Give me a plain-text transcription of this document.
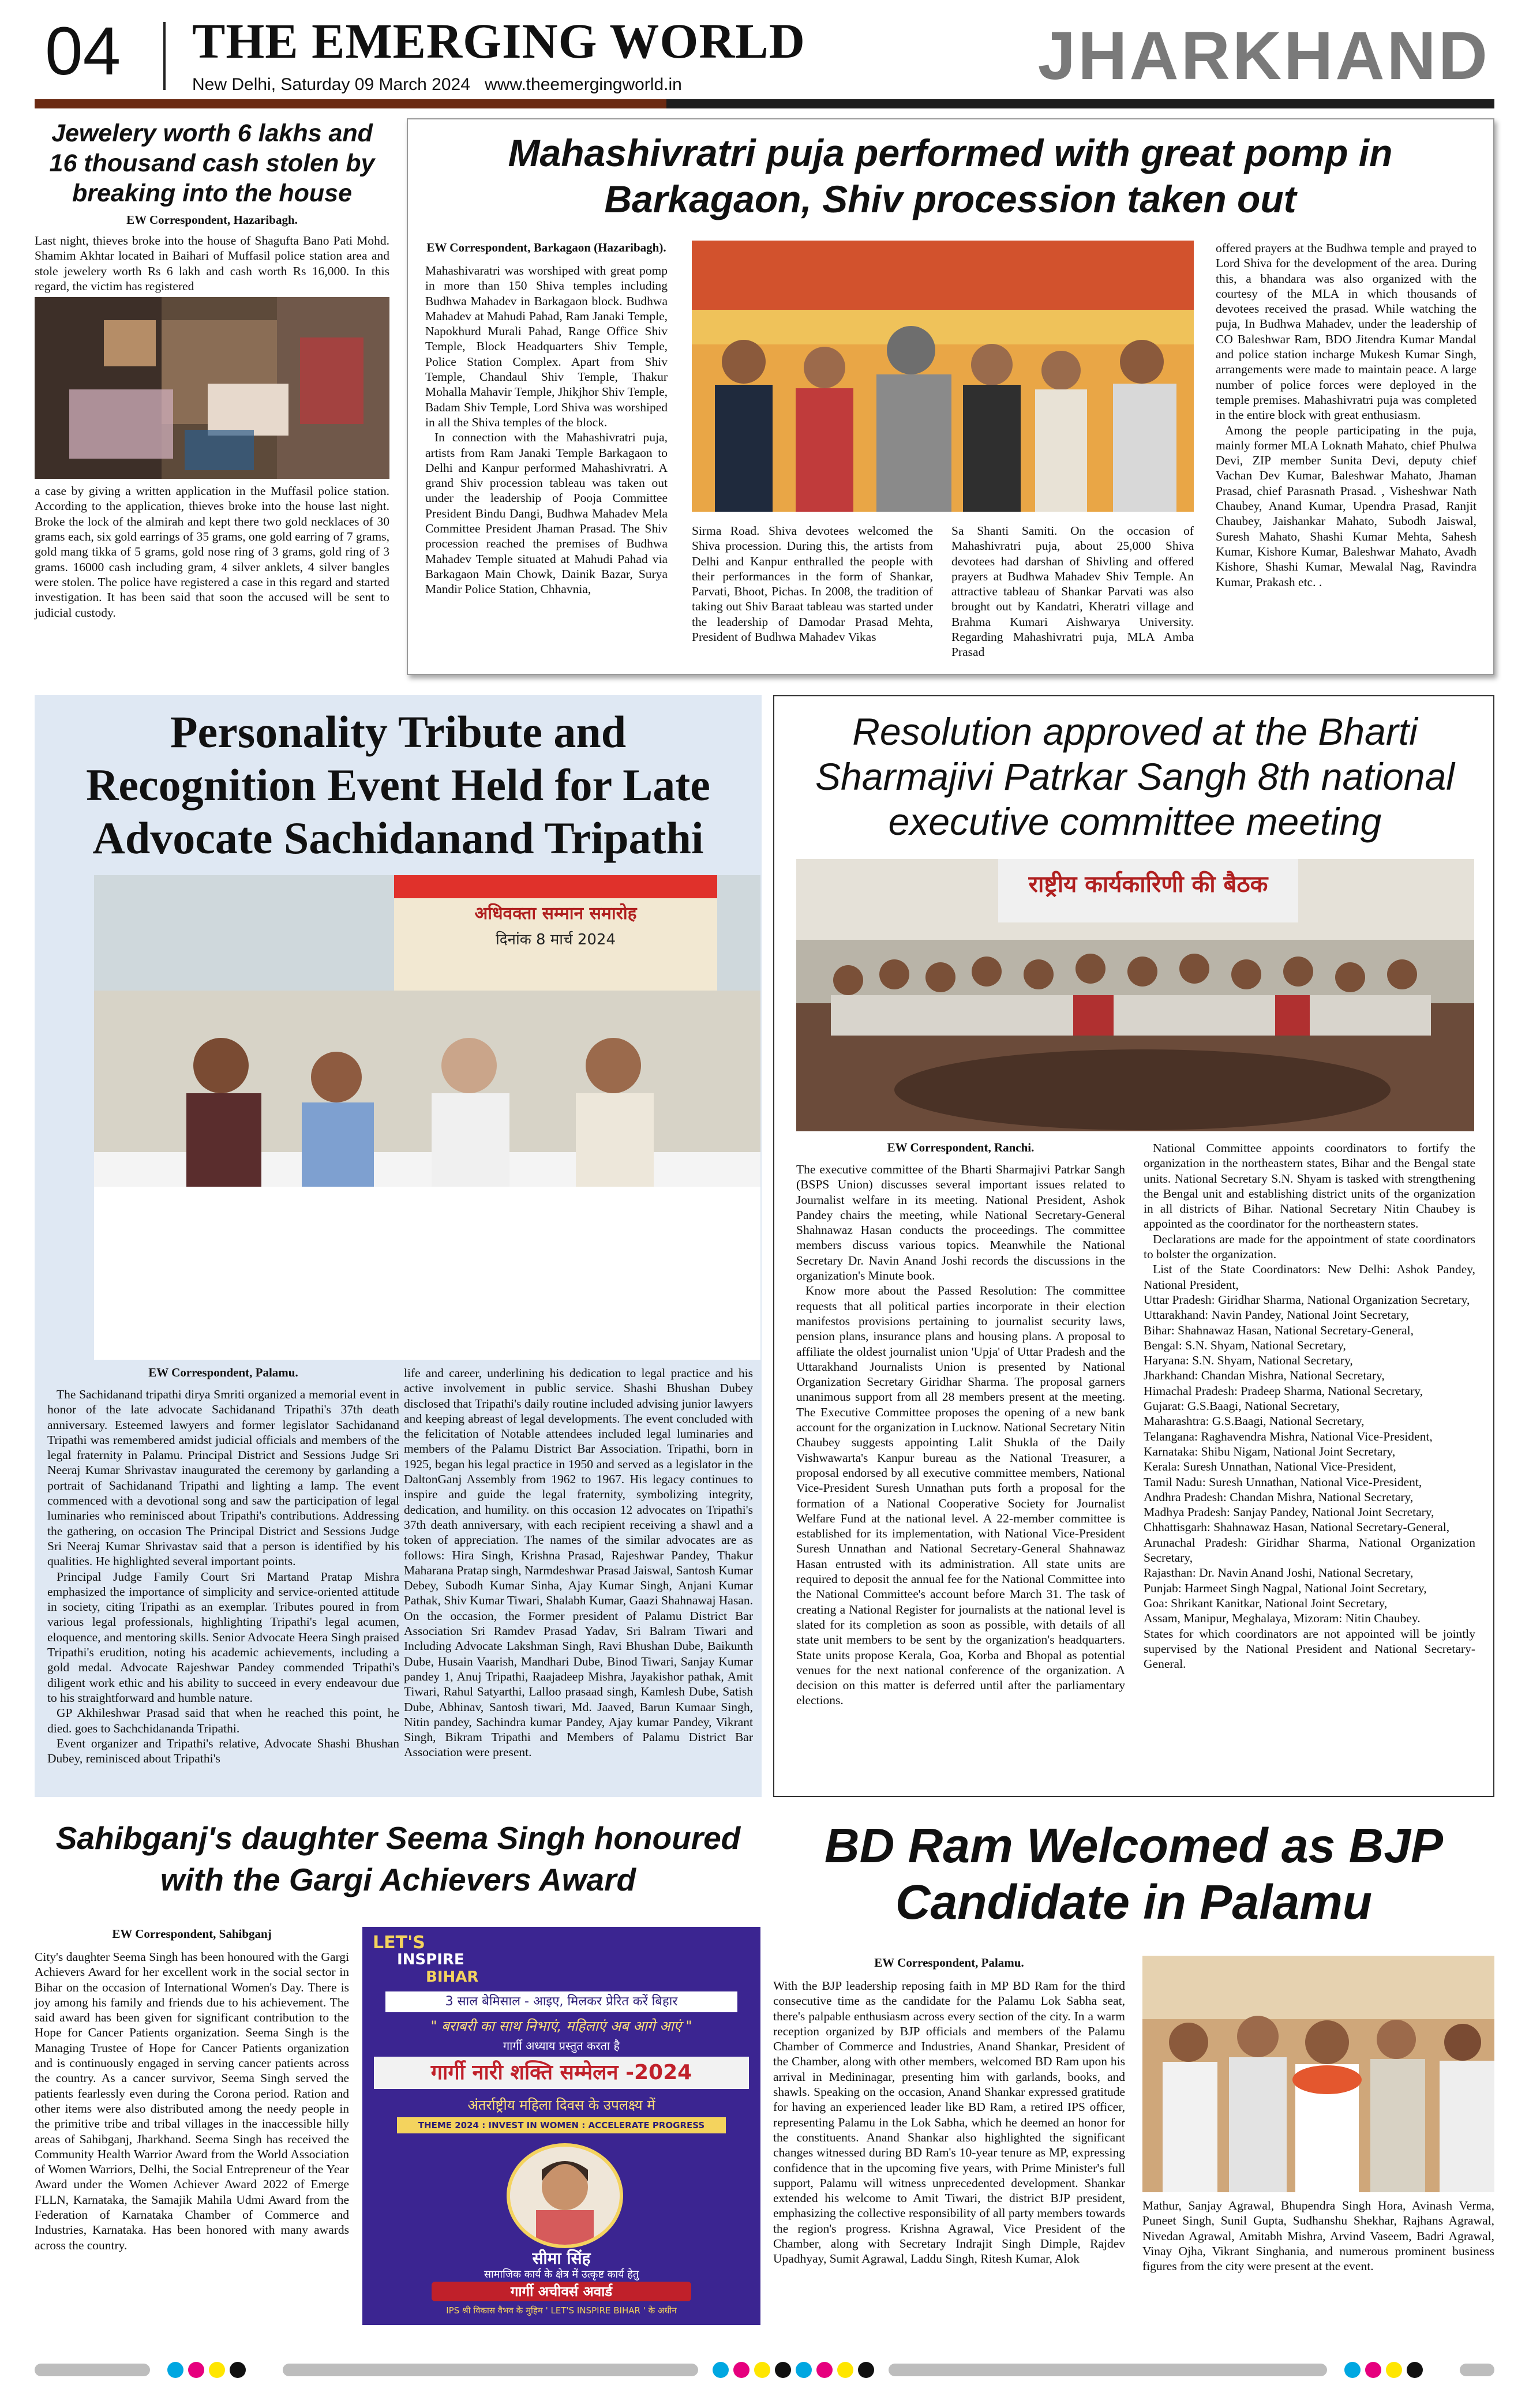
04 THE EMERGING WORLD
New Delhi, Saturday 09 March 2024 www.theemergingworld.in	JHARKHAND
Jewelery worth 6 lakhs and 16 thousand cash stolen by breaking into the house
EW Correspondent, Hazaribagh.

Last night, thieves broke into the house of Shagufta Bano Pati Mohd. Shamim Akhtar located in Baihari of Muffasil police station area and stole jewelery worth Rs 6 lakh and cash worth Rs 16,000. In this regard, the victim has registered

a case by giving a written application in the Muffasil police station. According to the application, thieves broke into the house last night. Broke the lock of the almirah and kept there two gold necklaces of 30 grams each, six gold earrings of 35 grams, one gold earring of 7 grams, gold mang tikka of 5 grams, gold nose ring of 3 grams, gold ring of 3 grams. 16000 cash including gram, 4 silver anklets, 4 silver bangles were stolen. The police have registered a case in this regard and started investigation. It has been said that soon the accused will be sent to judicial custody.

Mahashivratri puja performed with great pomp in Barkagaon, Shiv procession taken out
EW Correspondent, Barkagaon (Hazaribagh).

Mahashivaratri was worshiped with great pomp in more than 150 Shiva temples including Budhwa Mahadev in Barkagaon block. Budhwa Mahadev at Mahudi Pahad, Ram Janaki Temple, Napokhurd Murali Pahad, Range Office Shiv Temple, Block Headquarters Shiv Temple, Police Station Complex. Apart from Shiv Temple, Chandaul Shiv Temple, Thakur Mohalla Mahavir Temple, Jhikjhor Shiv Temple, Badam Shiv Temple, Lord Shiva was worshiped in all the Shiva temples of the block.

In connection with the Mahashivratri puja, artists from Ram Janaki Temple Barkagaon to Delhi and Kanpur performed Mahashivratri. A grand Shiv procession tableau was taken out under the leadership of Pooja Committee President Bindu Dangi, Budhwa Mahadev Mela Committee President Jhaman Prasad. The Shiv procession reached the premises of Budhwa Mahadev Temple situated at Mahudi Pahad via Barkagaon Main Chowk, Dainik Bazar, Surya Mandir Police Station, Chhavnia,

Sirma Road. Shiva devotees welcomed the Shiva procession. During this, the artists from Delhi and Kanpur enthralled the people with their performances in the form of Shankar, Parvati, Bhoot, Pichas. In 2008, the tradition of taking out Shiv Baraat tableau was started under the leadership of Damodar Prasad Mehta, President of Budhwa Mahadev Vikas

Sa Shanti Samiti. On the occasion of Mahashivratri puja, about 25,000 Shiva devotees had darshan of Shivling and offered prayers at Budhwa Mahadev Shiv Temple. An attractive tableau of Shankar Parvati was also brought out by Kandatri, Kheratri village and Brahma Kumari Aishwarya University. Regarding Mahashivratri puja, MLA Amba Prasad

offered prayers at the Budhwa temple and prayed to Lord Shiva for the development of the area. During this, a bhandara was also organized with the courtesy of the MLA in which thousands of devotees received the prasad. While watching the puja, In Budhwa Mahadev, under the leadership of CO Baleshwar Ram, BDO Jitendra Kumar Mandal and police station incharge Mukesh Kumar Singh, arrangements were made to maintain peace. A large number of police forces were deployed in the temple premises. Mahashivratri puja was completed in the entire block with great enthusiasm.

Among the people participating in the puja, mainly former MLA Loknath Mahato, chief Phulwa Devi, ZIP member Sunita Devi, deputy chief Vachan Dev Kumar, Baleshwar Mahato, Jhaman Prasad, chief Parasnath Prasad. , Visheshwar Nath Chaubey, Anand Kumar, Upendra Prasad, Ranjit Chaubey, Jaishankar Mahato, Subodh Jaiswal, Suresh Mahato, Shashi Kumar Mehta, Sahesh Kumar, Kishore Kumar, Baleshwar Mahato, Avadh Kishore, Shashi Kumar, Mewalal Nag, Ravindra Kumar, Prakash etc. .

Personality Tribute and Recognition Event Held for Late Advocate Sachidanand Tripathi
अधिवक्ता सम्मान समारोह
दिनांक 8 मार्च 2024
EW Correspondent, Palamu.

The Sachidanand tripathi dirya Smriti organized a memorial event in honor of the late advocate Sachidanand Tripathi's 37th death anniversary. Esteemed lawyers and former legislator Sachidanand Tripathi was remembered amidst judicial officials and members of the legal fraternity in Palamu. Principal District and Sessions Judge Sri Neeraj Kumar Shrivastav inaugurated the ceremony by garlanding a portrait of Sachidanand Tripathi and lighting a lamp. The event commenced with a devotional song and saw the participation of legal luminaries who reminisced about Tripathi's contributions. Addressing the gathering, on occasion The Principal District and Sessions Judge Sri Neeraj Kumar Shrivastav said that a person is identified by his qualities. He highlighted several important points.

Principal Judge Family Court Sri Martand Pratap Mishra emphasized the importance of simplicity and service-oriented attitude in society, citing Tripathi as an exemplar. Tributes poured in from various legal professionals, highlighting Tripathi's legal acumen, eloquence, and mentoring skills. Senior Advocate Heera Singh praised Tripathi's erudition, noting his academic achievements, including a gold medal. Advocate Rajeshwar Pandey commended Tripathi's diligent work ethic and his ability to succeed in every endeavour due to his straightforward and humble nature.

GP Akhileshwar Prasad said that when he reached this point, he died. goes to Sachchidananda Tripathi.

Event organizer and Tripathi's relative, Advocate Shashi Bhushan Dubey, reminisced about Tripathi's

life and career, underlining his dedication to legal practice and his active involvement in public service. Shashi Bhushan Dubey disclosed that Tripathi's daily routine included advising junior lawyers and keeping abreast of legal developments. The event concluded with the felicitation of Notable attendees included legal luminaries and members of the Palamu District Bar Association. Tripathi, born in 1925, began his legal practice in 1950 and served as a legislator in the DaltonGanj Assembly from 1962 to 1967. His legacy continues to inspire and guide the legal fraternity, symbolizing integrity, dedication, and humility. on this occasion 12 advocates on Tripathi's 37th death anniversary, with each recipient receiving a shawl and a token of appreciation. The names of the similar advocates are as follows: Hira Singh, Krishna Prasad, Rajeshwar Pandey, Thakur Maharana Pratap singh, Narmdeshwar Prasad Jaiswal, Santosh Kumar Debey, Subodh Kumar Sinha, Ajay Kumar Singh, Anjani Kumar Pathak, Shiv Kumar Tiwari, Shalabh Kumar, Gaazi Shahnawaj Hasan. On the occasion, the Former president of Palamu District Bar Association Sri Ramdev Prasad Yadav, Sri Balram Tiwari and Including Advocate Lakshman Singh, Ravi Bhushan Dube, Baikunth Dube, Husain Vaarish, Mandhari Dube, Binod Tiwari, Sanjay Kumar pandey 1, Anuj Tripathi, Raajadeep Mishra, Jayakishor pathak, Amit Tiwari, Rahul Satyarthi, Lalloo prasaad singh, Kamlesh Dube, Satish Dube, Abhinav, Santosh tiwari, Md. Jaaved, Barun Kumaar Singh, Nitin pandey, Sachindra kumar Pandey, Ajay kumar Pandey, Vikrant Singh, Bikram Tripathi and Members of Palamu District Bar Association were present.

Resolution approved at the Bharti Sharmajivi Patrkar Sangh 8th national executive committee meeting
राष्ट्रीय कार्यकारिणी की बैठक
EW Correspondent, Ranchi.

The executive committee of the Bharti Sharmajivi Patrkar Sangh (BSPS Union) discusses several important issues related to Journalist welfare in its meeting. National President, Ashok Pandey chairs the meeting, while National Secretary-General Shahnawaz Hasan conducts the proceedings. The committee members discuss various topics. Meanwhile the National Secretary Dr. Navin Anand Joshi records the discussions in the organization's Minute book.

Know more about the Passed Resolution: The committee requests that all political parties incorporate in their election manifestos provisions pertaining to journalist security laws, pension plans, insurance plans and housing plans. A proposal to affiliate the oldest journalist union 'Upja' of Uttar Pradesh and the Uttarakhand Journalists Union is presented by National Organization Secretary Giridhar Sharma. The proposal garners unanimous support from all 28 members present at the meeting. The Executive Committee proposes the opening of a new bank account for the organization in Lucknow. National Secretary Nitin Chaubey suggests appointing Lalit Shukla of the Daily Vishwawarta's Kanpur bureau as the National Treasurer, a proposal endorsed by all executive committee members, National Vice-President Suresh Unnathan puts forth a proposal for the formation of a National Cooperative Society for Journalist Welfare Fund at the national level. A 22-member committee is established for its implementation, with National Vice-President Suresh Unnathan and National Secretary-General Shahnawaz Hasan entrusted with its administration. All state units are required to deposit the annual fee for the National Committee into the National Committee's account before March 31. The task of creating a National Register for journalists at the national level is slated for its completion as soon as possible, with details of all state unit members to be sent by the organization's headquarters. State units propose Kerala, Goa, Korba and Bhopal as potential venues for the next national conference of the organization. A decision on this matter is deferred until after the parliamentary elections.

National Committee appoints coordinators to fortify the organization in the northeastern states, Bihar and the Bengal state units. National Secretary S.N. Shyam is tasked with strengthening the Bengal unit and establishing district units of the organization in all districts of Bihar. National Secretary Nitin Chaubey is appointed as the coordinator for the northeastern states.

Declarations are made for the appointment of state coordinators to bolster the organization.

List of the State Coordinators: New Delhi: Ashok Pandey, National President,

Uttar Pradesh: Giridhar Sharma, National Organization Secretary,

Uttarakhand: Navin Pandey, National Joint Secretary,

Bihar: Shahnawaz Hasan, National Secretary-General,

Bengal: S.N. Shyam, National Secretary,

Haryana: S.N. Shyam, National Secretary,

Jharkhand: Chandan Mishra, National Secretary,

Himachal Pradesh: Pradeep Sharma, National Secretary,

Gujarat: G.S.Baagi, National Secretary,

Maharashtra: G.S.Baagi, National Secretary,

Telangana: Raghavendra Mishra, National Vice-President,

Karnataka: Shibu Nigam, National Joint Secretary,

Kerala: Suresh Unnathan, National Vice-President,

Tamil Nadu: Suresh Unnathan, National Vice-President,

Andhra Pradesh: Chandan Mishra, National Secretary,

Madhya Pradesh: Sanjay Pandey, National Joint Secretary,

Chhattisgarh: Shahnawaz Hasan, National Secretary-General,

Arunachal Pradesh: Giridhar Sharma, National Organization Secretary,

Rajasthan: Dr. Navin Anand Joshi, National Secretary,

Punjab: Harmeet Singh Nagpal, National Joint Secretary,

Goa: Shrikant Kanitkar, National Joint Secretary,

Assam, Manipur, Meghalaya, Mizoram: Nitin Chaubey.

States for which coordinators are not appointed will be jointly supervised by the National President and National Secretary-General.

Sahibganj's daughter Seema Singh honoured with the Gargi Achievers Award
EW Correspondent, Sahibganj

City's daughter Seema Singh has been honoured with the Gargi Achievers Award for her excellent work in the social sector in Bihar on the occasion of International Women's Day. There is joy among his family and friends due to his achievement. The said award has been given for significant contribution to the Hope for Cancer Patients organization. Seema Singh is the Managing Trustee of Hope for Cancer Patients organization and is continuously engaged in serving cancer patients across the country. As a cancer survivor, Seema Singh served the patients fearlessly even during the Corona period. Ration and other items were also distributed among the needy people in the primitive tribe and tribal villages in the inaccessible hilly areas of Sahibganj, Jharkhand. Seema Singh has received the Community Health Warrior Award from the World Association of Women Warriors, Delhi, the Social Entrepreneur of the Year Award under the Women Achiever Award 2022 of Emerge FLLN, Karnataka, the Samajik Mahila Udmi Award from the Federation of Karnataka Chamber of Commerce and Industries, Karnataka. Has been honored with many awards across the country.

LET'S
INSPIRE
BIHAR
3 साल बेमिसाल - आइए, मिलकर प्रेरित करें बिहार
" बराबरी का साथ निभाएं, महिलाएं अब आगे आएं "
गार्गी अध्याय प्रस्तुत करता है
गार्गी नारी शक्ति सम्मेलन -2024
अंतर्राष्ट्रीय महिला दिवस के उपलक्ष्य में
THEME 2024 : INVEST IN WOMEN : ACCELERATE PROGRESS
सीमा सिंह
सामाजिक कार्य के क्षेत्र में उत्कृष्ट कार्य हेतु
गार्गी अचीवर्स अवार्ड
IPS श्री विकास वैभव के मुहिम ' LET'S INSPIRE BIHAR ' के अधीन
BD Ram Welcomed as BJP Candidate in Palamu
EW Correspondent, Palamu.

With the BJP leadership reposing faith in MP BD Ram for the third consecutive time as the candidate for the Palamu Lok Sabha seat, there's palpable enthusiasm across every section of the city. In a warm reception organized by BJP officials and members of the Palamu Chamber of Commerce and Industries, Anand Shankar, President of the Chamber, along with other members, welcomed BD Ram upon his arrival in Medininagar, presenting him with garlands, books, and shawls. Speaking on the occasion, Anand Shankar expressed gratitude for having an experienced leader like BD Ram, a retired IPS officer, representing Palamu in the Lok Sabha, which he deemed an honor for the constituents. Anand Shankar also highlighted the significant changes witnessed during BD Ram's 10-year tenure as MP, expressing confidence that in the upcoming five years, with Prime Minister's full support, Palamu will witness unprecedented development. Shankar extended his welcome to Amit Tiwari, the district BJP president, emphasizing the collective responsibility of all party members towards the region's progress. Krishna Agrawal, Vice President of the Chamber, along with Secretary Indrajit Singh Dimple, Rajdev Upadhyay, Sumit Agrawal, Laddu Singh, Ritesh Kumar, Alok

Mathur, Sanjay Agrawal, Bhupendra Singh Hora, Avinash Verma, Puneet Singh, Sunil Gupta, Sudhanshu Shekhar, Rajhans Agrawal, Nivedan Agrawal, Amitabh Mishra, Arvind Vaseem, Badri Agrawal, Vinay Ojha, Vikrant Singhania, and numerous prominent business figures from the city were present at the event.
